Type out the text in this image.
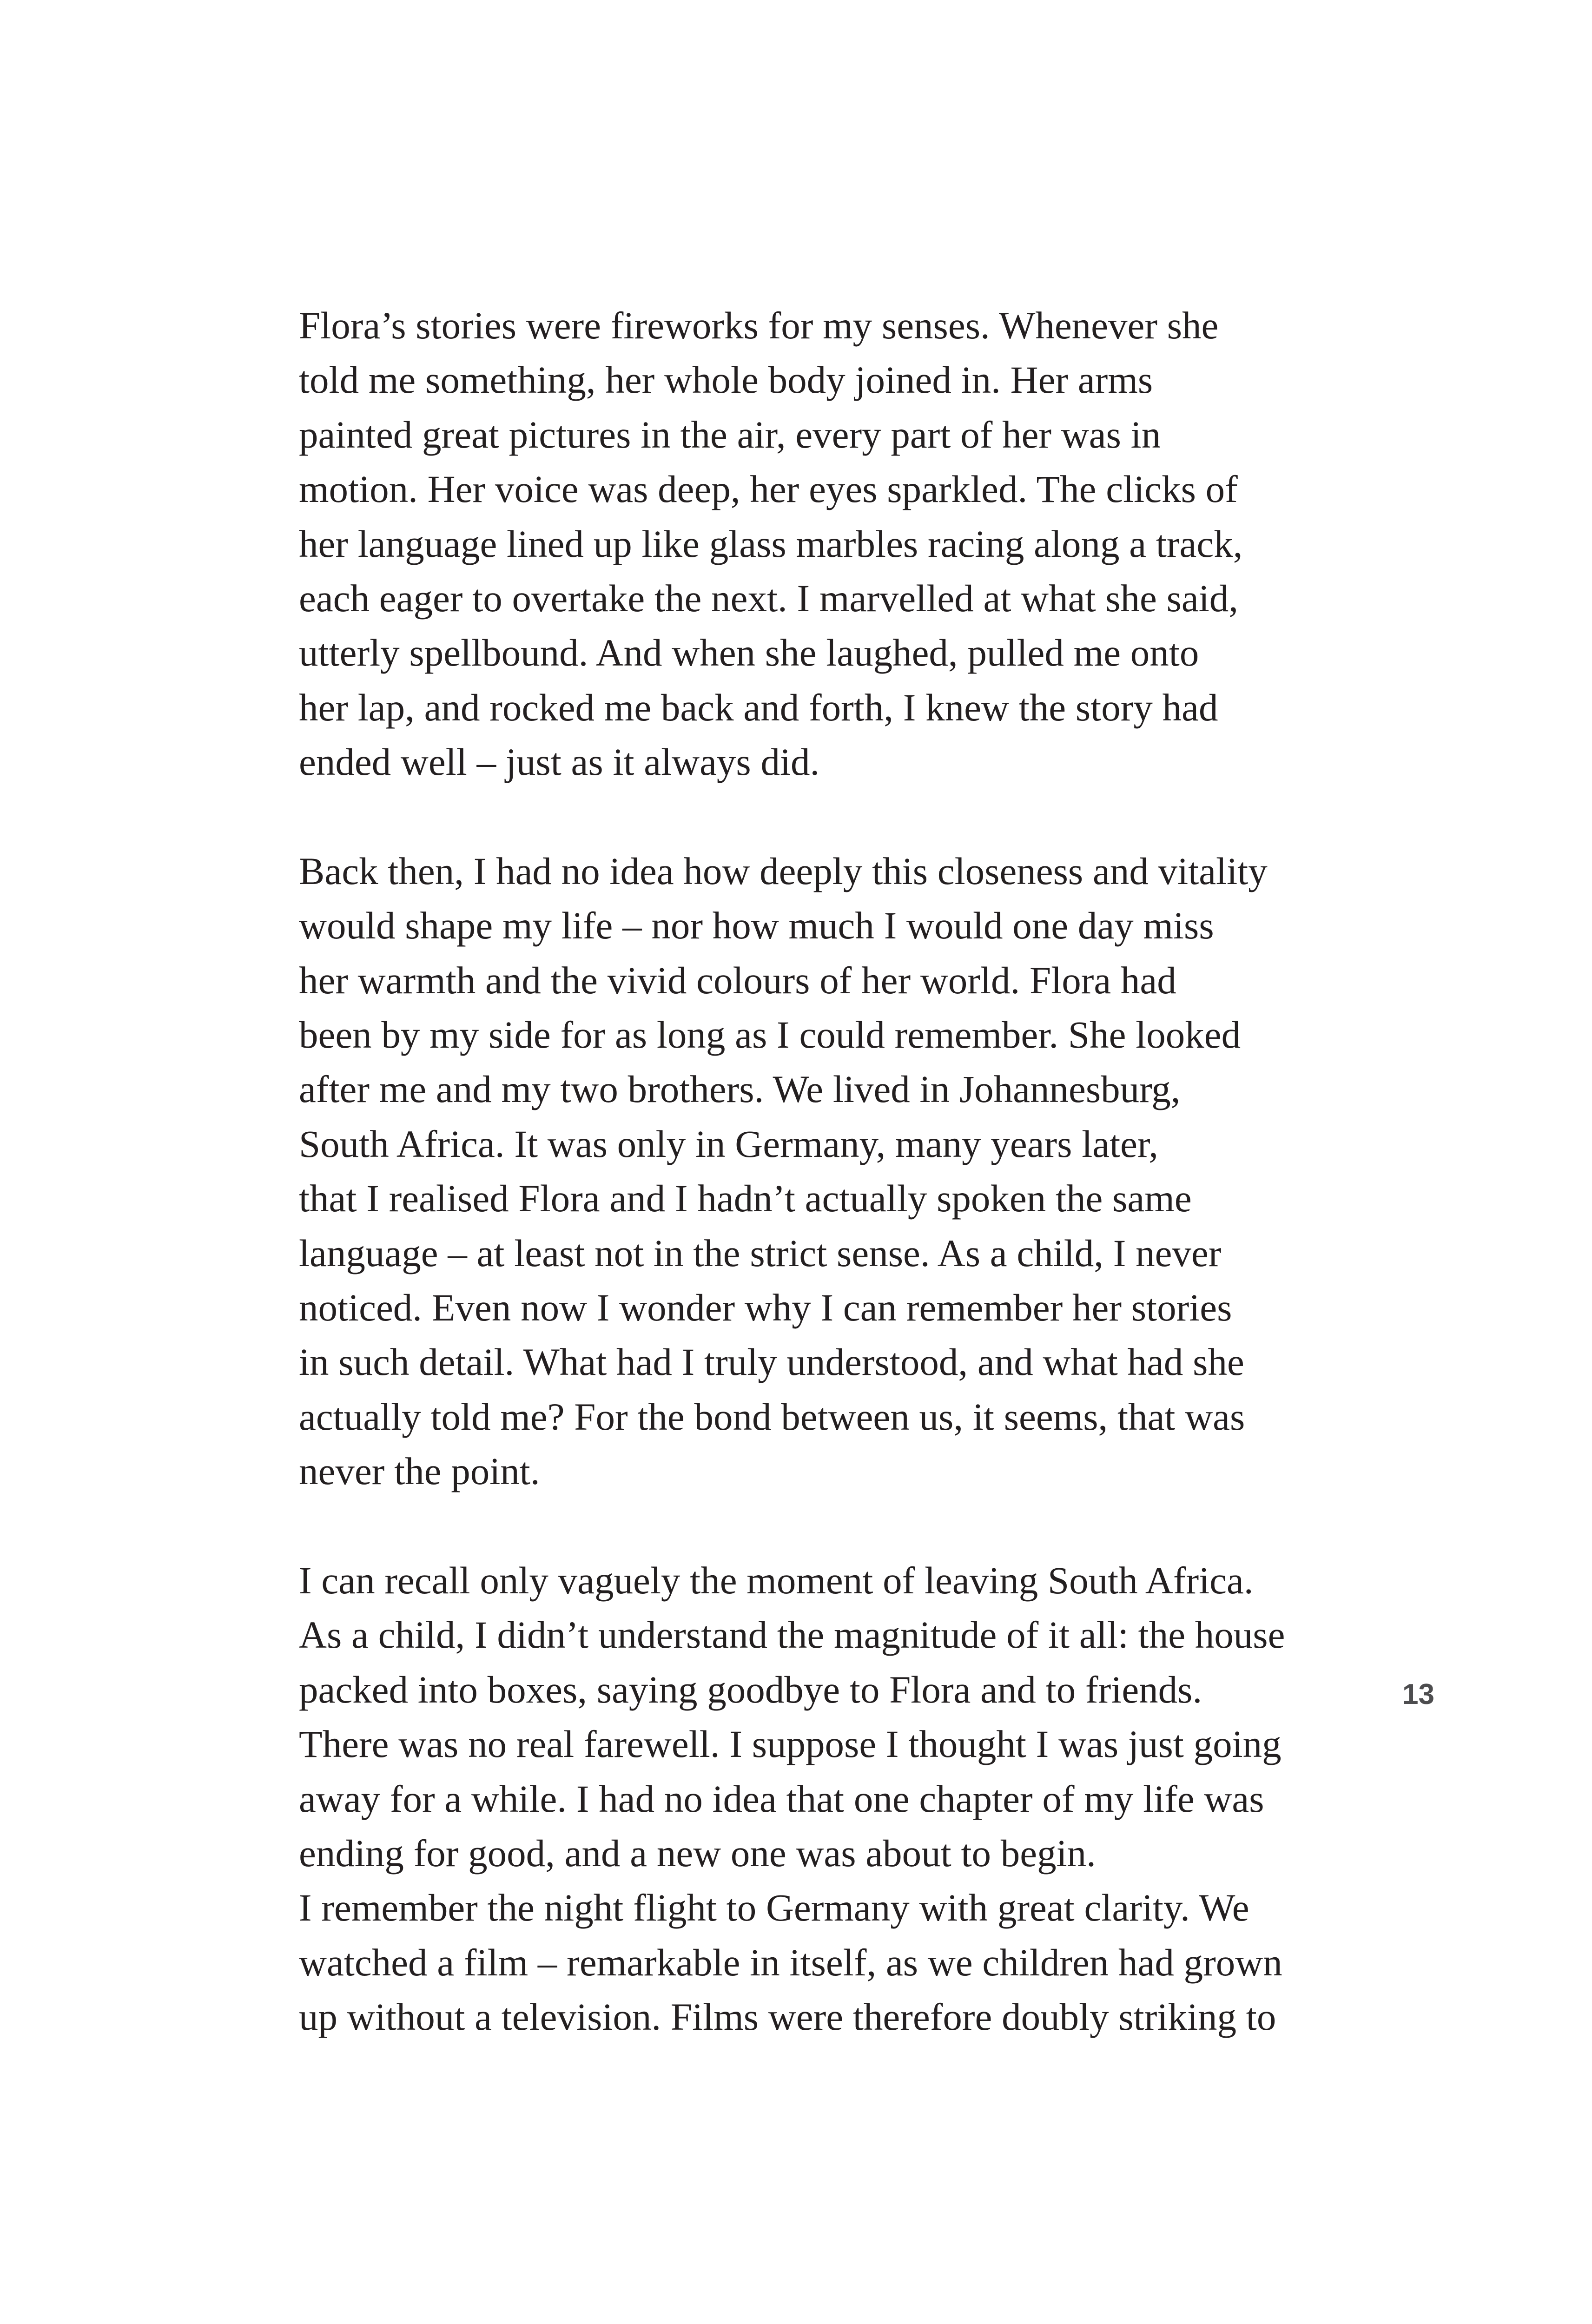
Flora’s stories were fireworks for my senses. Whenever she
told me something, her whole body joined in. Her arms
painted great pictures in the air, every part of her was in
motion. Her voice was deep, her eyes sparkled. The clicks of
her language lined up like glass marbles racing along a track,
each eager to overtake the next. I marvelled at what she said,
utterly spellbound. And when she laughed, pulled me onto
her lap, and rocked me back and forth, I knew the story had
ended well – just as it always did.
Back then, I had no idea how deeply this closeness and vitality
would shape my life – nor how much I would one day miss
her warmth and the vivid colours of her world. Flora had
been by my side for as long as I could remember. She looked
after me and my two brothers. We lived in Johannesburg,
South Africa. It was only in Germany, many years later,
that I realised Flora and I hadn’t actually spoken the same
language – at least not in the strict sense. As a child, I never
noticed. Even now I wonder why I can remember her stories
in such detail. What had I truly understood, and what had she
actually told me? For the bond between us, it seems, that was
never the point.
I can recall only vaguely the moment of leaving South Africa.
As a child, I didn’t understand the magnitude of it all: the house
packed into boxes, saying goodbye to Flora and to friends.
There was no real farewell. I suppose I thought I was just going
away for a while. I had no idea that one chapter of my life was
ending for good, and a new one was about to begin.
I remember the night flight to Germany with great clarity. We
watched a film – remarkable in itself, as we children had grown
up without a television. Films were therefore doubly striking to
13
